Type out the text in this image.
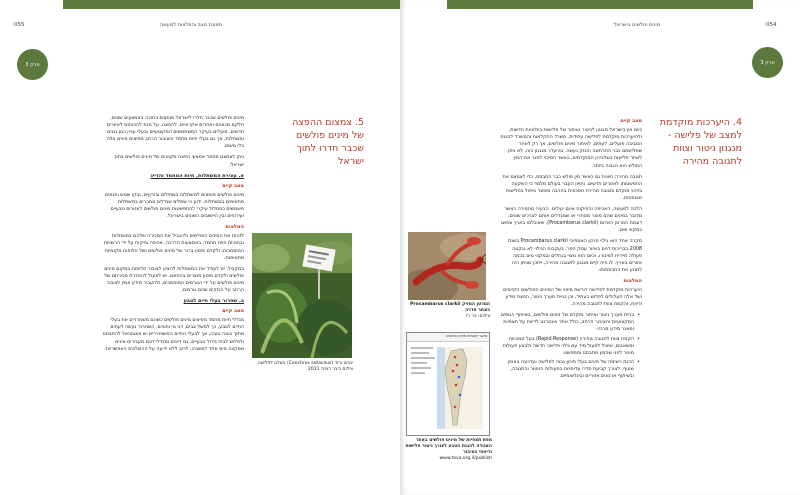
055	תמונת מצב והמלצות למעשה
פרק 3
5. צמצום ההפצה של מינים פולשים שכבר חדרו לתוך ישראל

מינים פולשים שכבר חדרו לישראל מופצים בתוכה באמצעים שונים, חלקם מכוונים ואחרים אקראיים. להפצה, על מנת להכניסם לאזורים חדשים, פועלים בעיקר המשתמשים המקצועיים ובעלי עניין כגון גננים ומשתלות, אך גם בעלי חיות מחמד והציבור הרחב מפיצים מינים אלה בלי משים.

ניתן לצמצם מספר אמצעי הפצה מקוונים של מינים פולשים בתוך ישראל:

א. עצירת המשתלות, חיות המחמד והדייג
מצב קיים

מינים פולשים מופצים למשתלות בשתילים ובזרעים, ובקו שמש ותנאים מתאימים במשתלות. ידוע כי שתלים שגדלים ונמכרים במשתלות משמשים כמסלול עיקרי להתפשטות מינים פולשים לאזורים טבעיים ועירוניים ובין היישובים השונים בישראל.

המלצות

לזהות את המינים הפולשים ולהגביל את המכירה שלהם במשתלות ובחנויות חיות מחמד, באמצעות הדרכה, אכיפה ופיקוח על ידי הרשויות המוסמכות, ולקדם סימון ברור של מינים פולשים ושל חלופות מקומיות מתאימות.

במקביל, יש לעודד את המשתלות להציע לציבור חלופות במקום מינים פולשים ולקדם סימון מוצרים בהתאם. יש לפעול להסדרת מכירתם של מינים פולשים על ידי הגורמים המוסמכים, ולהעביר מידע אמין לציבור הרחב על הנזקים שהם גורמים.

ב. שחרור בעלי חיים לטבע
מצב קיים

מגדלי חיות מחמד מפיצים מינים פולשים כשהם משחררים את בעלי החיים לטבע, כך למשל צבים, דגי נוי ותוכים. השחרור נעשה לעתים מתוך כוונה טובה, אך לבעלי החיים המשוחררים יש פוטנציאל להתבסס ולפלוש לבתי גידול טבעיים. גם דייגים ומגדלי דגים מעבירים מינים ממקווה מים אחד למשנהו, לרוב ללא ידיעה על ההשלכות האפשריות.

ינבוט ורוד (Cenchrus setaceus) בשלט לפלישה, צילום ביבר דגניה 2011
מינים פולשים בישראל	054
פרק 3
4. היערכות מוקדמת למצב של פלישה - מנגנון ניטור וצוות לתגובה מהירה
מצב קיים

כיום אין בישראל מנגנון לניטור ואיתור של פלישות ביולוגיות חדשות, ולהיערכות מוקדמת לפלישה עתידית. משרד החקלאות והמשרד להגנת הסביבה פועלים, לעתים, לאיתור מינים פולשים, אך רק לאחר שפלישתם כבר התרחשה והנזק נעשה. בהיעדר מנגנון כזה, לא ניתן לאתר פלישות בשלביהן המוקדמים, כאשר הסיכוי למגר את המין הפולש הוא הגבוה ביותר.

תגובה מהירה חיונית גם כאשר מין פולש כבר התבסס, כדי לצמצם את התפשטותו לאזורים חדשים. ניסיון העבר בעולם מלמד כי השקעה בזיהוי מוקדם ותגובה מהירה חסכונית בהרבה מאשר טיפול בפלישות מבוססות.

הלכה למעשה, האכיפה והפיקוח אינם יעילים. הבעיה מחמירה כאשר מדובר במינים שהם מוצר מסחרי או שמגדלים אותם לצרכים שונים, דוגמת הסרטן האדום (Procambarus clarkii), שאוכלסו בארץ ונפוצו במקווי מים.

מקרה אחד הוא גילוי סרטן האמפיבי Procambarus clarkii בשנת 2008 בבריכות דגים באזור עמק חפר. בעקבות הגילוי לא ננקטה פעולה מיידית למיגורו, וכיום הוא מצוי בנחלים ובמקווי מים בכמה אזורים בארץ. לו היה קיים מנגנון לתגובה מהירה, ייתכן שניתן היה למנוע את התבססותו.

המלצות

היערכות מוקדמת לפלישה דורשת מיפוי של המינים הפולשים הקיימים ושל אלה העלולים לפלוש בעתיד, וכן בניית מערך ניטור, הפצת מידע ודיווח, והקמת צוות לתגובה מהירה.

• בניית מערך ניטור ואיתור מוקדם של מינים פולשים, בשיתוף הגופים המקצועיים והציבור הרחב, כולל אתר אינטרנט לדיווח על תצפיות ומאגר מידע מרכזי.
• הקמת צוות לתגובה מהירה (Rapid Response) בעל סמכויות ומשאבים, שיוכל לפעול מיד עם גילוי פלישה חדשה ולבצע פעולות מיגור לפני שהמין מתבסס ומתפשט.
• הכנת רשימה של מינים בעלי סיכון גבוה לפלישה ועדכונה באופן שוטף, לצורך קביעת סדרי עדיפויות בפעולות הניטור והתגובה, ובשיתוף ארגונים אזוריים ובינלאומיים.
הסרטן המזיק Procambarus clarkii באתר חדרה
צילום: ניר רז
מאגר תצפיות מינים פולשים
מפת תצפיות של מינים פולשים באתר האגודה להגנת הטבע לצורך ניטור פלישות ודיווחי הציבור
www.teva.org.il/publish
